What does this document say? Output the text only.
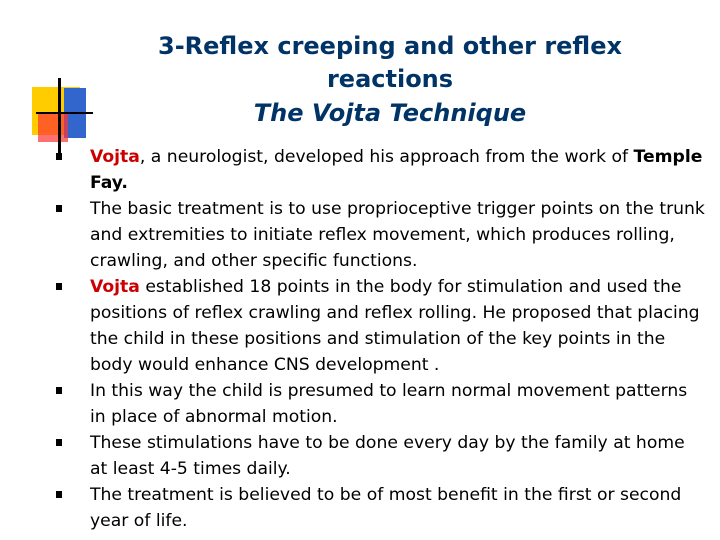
3-Reflex creeping and other reflex
reactions
The Vojta Technique
Vojta, a neurologist, developed his approach from the work of Temple Fay.
The basic treatment is to use proprioceptive trigger points on the trunk and extremities to initiate reflex movement, which produces rolling, crawling, and other specific functions.
Vojta established 18 points in the body for stimulation and used the positions of reflex crawling and reflex rolling. He proposed that placing the child in these positions and stimulation of the key points in the body would enhance CNS development .
In this way the child is presumed to learn normal movement patterns in place of abnormal motion.
These stimulations have to be done every day by the family at home at least 4-5 times daily.
The treatment is believed to be of most benefit in the first or second year of life.
